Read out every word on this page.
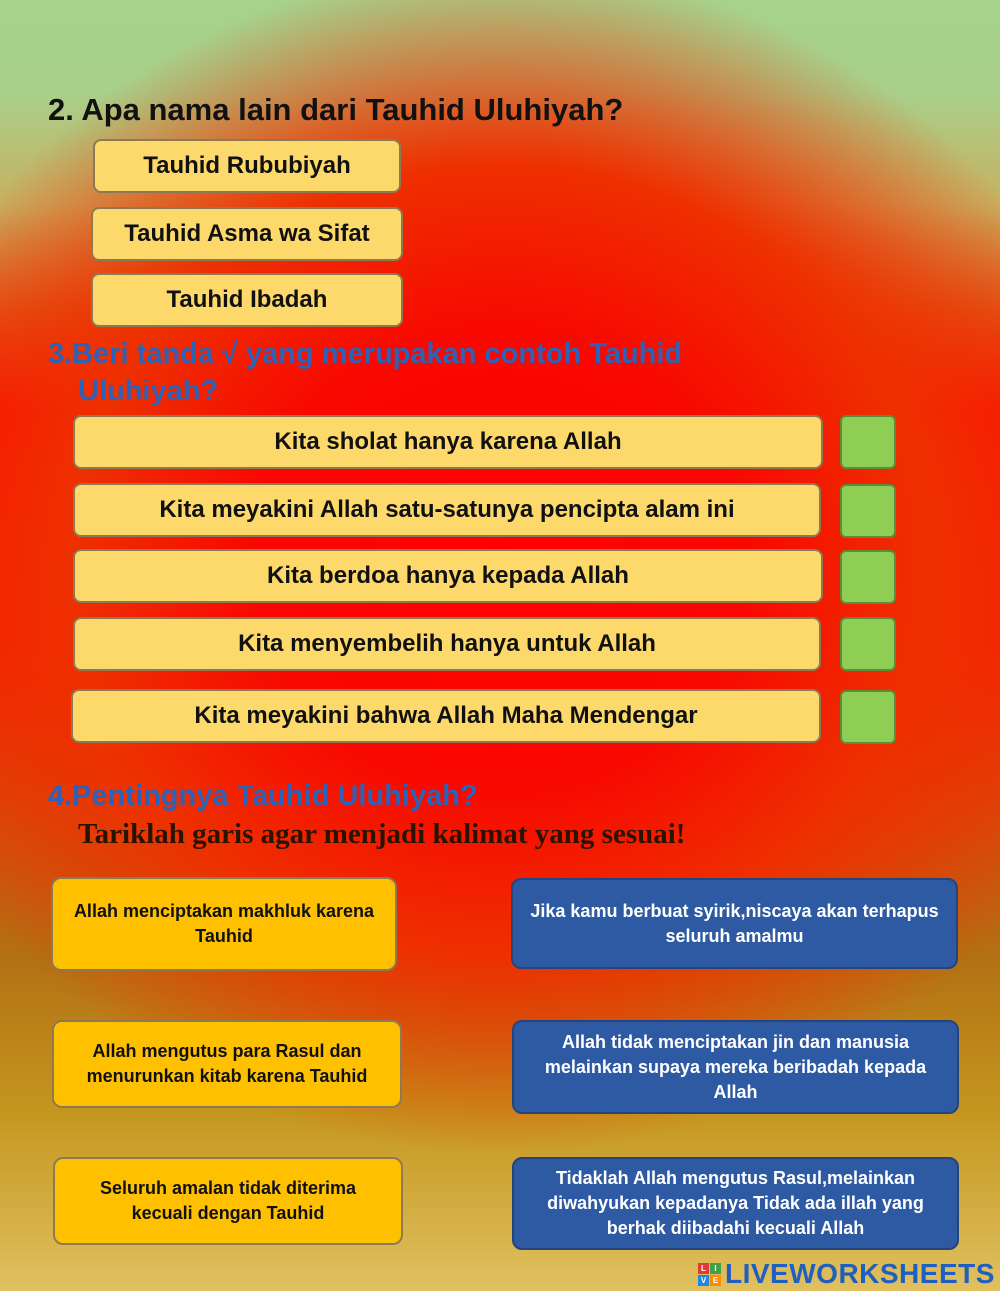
2. Apa nama lain dari Tauhid Uluhiyah?
Tauhid Rububiyah
Tauhid Asma wa Sifat
Tauhid Ibadah
3.Beri tanda √ yang merupakan contoh Tauhid
Uluhiyah?
Kita sholat hanya karena Allah
Kita meyakini Allah satu-satunya pencipta alam ini
Kita berdoa hanya kepada Allah
Kita menyembelih hanya untuk Allah
Kita meyakini bahwa Allah Maha Mendengar
4.Pentingnya Tauhid Uluhiyah?
Tariklah garis agar menjadi kalimat yang sesuai!
Allah menciptakan makhluk karena Tauhid
Allah mengutus para Rasul dan menurunkan kitab karena Tauhid
Seluruh amalan tidak diterima kecuali dengan Tauhid
Jika kamu berbuat syirik,niscaya akan terhapus seluruh amalmu
Allah tidak menciptakan jin dan manusia melainkan supaya mereka beribadah kepada Allah
Tidaklah Allah mengutus Rasul,melainkan diwahyukan kepadanya Tidak ada illah yang berhak diibadahi kecuali Allah
L	I
V E LIVEWORKSHEETS
